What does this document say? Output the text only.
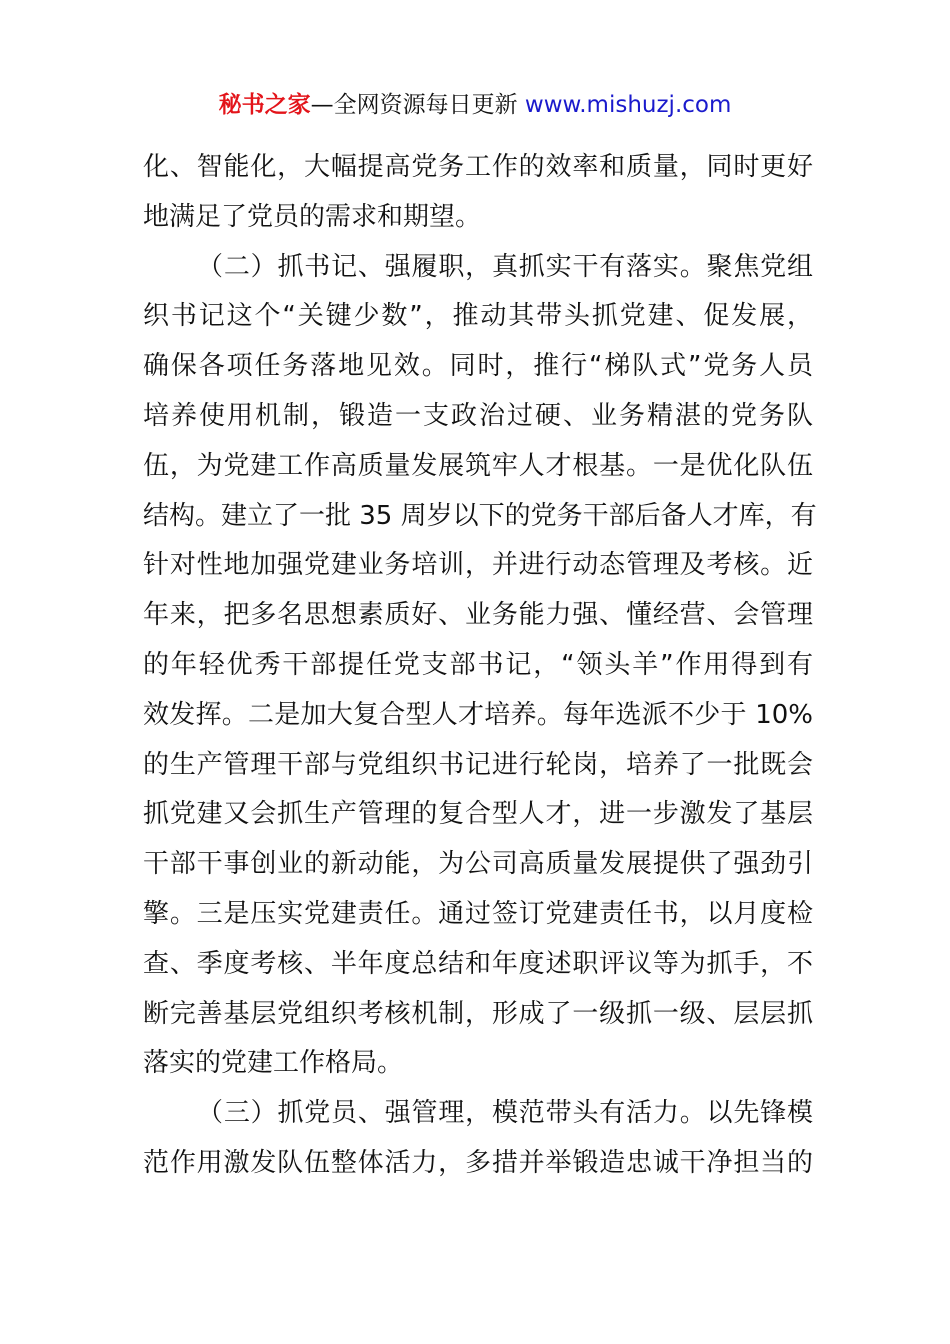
秘书之家—全网资源每日更新 www.mishuzj.com
化、智能化，大幅提高党务工作的效率和质量，同时更好
地满足了党员的需求和期望。
（二）抓书记、强履职，真抓实干有落实。聚焦党组
织书记这个“关键少数”，推动其带头抓党建、促发展，
确保各项任务落地见效。同时，推行“梯队式”党务人员
培养使用机制，锻造一支政治过硬、业务精湛的党务队
伍，为党建工作高质量发展筑牢人才根基。一是优化队伍
结构。建立了一批 35 周岁以下的党务干部后备人才库，有
针对性地加强党建业务培训，并进行动态管理及考核。近
年来，把多名思想素质好、业务能力强、懂经营、会管理
的年轻优秀干部提任党支部书记，“领头羊”作用得到有
效发挥。二是加大复合型人才培养。每年选派不少于 10%
的生产管理干部与党组织书记进行轮岗，培养了一批既会
抓党建又会抓生产管理的复合型人才，进一步激发了基层
干部干事创业的新动能，为公司高质量发展提供了强劲引
擎。三是压实党建责任。通过签订党建责任书，以月度检
查、季度考核、半年度总结和年度述职评议等为抓手，不
断完善基层党组织考核机制，形成了一级抓一级、层层抓
落实的党建工作格局。
（三）抓党员、强管理，模范带头有活力。以先锋模
范作用激发队伍整体活力，多措并举锻造忠诚干净担当的
